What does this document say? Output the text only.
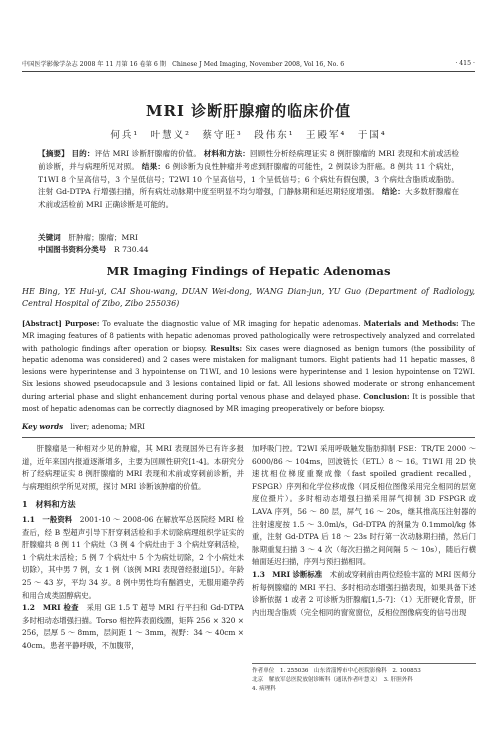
中国医学影像学杂志 2008 年 11 月第 16 卷第 6 期　Chinese J Med Imaging, November 2008, Vol 16, No. 6	· 415 ·
MRI 诊断肝腺瘤的临床价值
何兵¹　叶慧义²　蔡守旺³　段伟东¹　王殿军⁴　于国⁴
【摘要】 目的：评估 MRI 诊断肝腺瘤的价值。 材料和方法：回顾性分析经病理证实 8 例肝腺瘤的 MRI 表现和术前或活检前诊断，并与病理所见对照。 结果：6 例诊断为良性肿瘤并考虑到肝腺瘤的可能性，2 例误诊为肝癌。8 例共 11 个病灶，T1WI 8 个呈高信号，3 个呈低信号；T2WI 10 个呈高信号，1 个呈低信号；6 个病灶有假包膜，3 个病灶含脂质或脂肪。注射 Gd-DTPA 行增强扫描，所有病灶动脉期中度至明显不均匀增强，门静脉期和延迟期轻度增强。 结论：大多数肝腺瘤在术前或活检前 MRI 正确诊断是可能的。
关键词　 肝肿瘤；腺瘤；MRI
中国图书资料分类号　 R 730.44
MR Imaging Findings of Hepatic Adenomas
HE Bing, YE Hui-yi, CAI Shou-wang, DUAN Wei-dong, WANG Dian-jun, YU Guo (Department of Radiology, Central Hospital of Zibo, Zibo 255036)
[Abstract] Purpose: To evaluate the diagnostic value of MR imaging for hepatic adenomas. Materials and Methods: The MR imaging features of 8 patients with hepatic adenomas proved pathologically were retrospectively analyzed and correlated with pathologic findings after operation or biopsy. Results: Six cases were diagnosed as benign tumors (the possibility of hepatic adenoma was considered) and 2 cases were mistaken for malignant tumors. Eight patients had 11 hepatic masses, 8 lesions were hyperintense and 3 hypointense on T1WI, and 10 lesions were hyperintense and 1 lesion hypointense on T2WI. Six lesions showed pseudocapsule and 3 lesions contained lipid or fat. All lesions showed moderate or strong enhancement during arterial phase and slight enhancement during portal venous phase and delayed phase. Conclusion: It is possible that most of hepatic adenomas can be correctly diagnosed by MR imaging preoperatively or before biopsy.
Key words　 liver; adenoma; MRI

肝腺瘤是一种相对少见的肿瘤，其 MRI 表现国外已有许多报道，近年来国内报道逐渐增多，主要为回顾性研究[1-4]。本研究分析了经病理证实 8 例肝腺瘤的 MRI 表现和术前或穿刺前诊断，并与病理组织学所见对照，探讨 MRI 诊断该肿瘤的价值。

1　材料和方法

1.1　一般资料　 2001-10 ～ 2008-06 在解放军总医院经 MRI 检查后，经 B 型超声引导下肝穿刺活检和手术切除病理组织学证实的肝腺瘤共 8 例 11 个病灶（3 例 4 个病灶由于 3 个病灶穿刺活检，1 个病灶未活检；5 例 7 个病灶中 5 个为病灶切除，2 个小病灶未切除），其中男 7 例，女 1 例（该例 MRI 表现曾经报道[5]）。年龄 25 ～ 43 岁，平均 34 岁。8 例中男性均有酗酒史，无服用避孕药和用合成类固醇病史。

1.2　MRI 检查　 采用 GE 1.5 T 超导 MRI 行平扫和 Gd-DTPA 多时相动态增强扫描。Torso 相控阵表面线圈，矩阵 256 × 320 × 256，层厚 5 ～ 8mm，层间距 1 ～ 3mm，视野：34 ～ 40cm × 40cm。患者平静呼吸，不加腹带，

加呼吸门控。T2WI 采用呼吸触发脂肪抑制 FSE：TR/TE 2000 ～ 6000/86 ～ 104ms，回波链长（ETL）8 ～ 16。T1WI 用 2D 快速扰相位梯度重聚成像（fast spoiled gradient recalled，FSPGR）序列和化学位移成像（同反相位图像采用完全相同的层宽度位摄片）。多时相动态增强扫描采用屏气抑制 3D FSPGR 或 LAVA 序列，56 ～ 80 层，屏气 16 ～ 20s，继其推高压注射器的注射速度按 1.5 ～ 3.0ml/s，Gd-DTPA 的剂量为 0.1mmol/kg 体重，注射 Gd-DTPA 后 18 ～ 23s 时行第一次动脉期扫描，然后门脉期重复扫描 3 ～ 4 次（每次扫描之间间隔 5 ～ 10s），随后行横轴面延迟扫描，序列与预扫描相同。

1.3　MRI 诊断标准　 术前或穿刺前由两位经验丰富的 MRI 医师分析每例腺瘤的 MRI 平扫、多时相动态增强扫描表现，如果具备下述诊断依据 1 或者 2 可诊断为肝腺瘤[1,5-7]：（1）无肝硬化背景，肝内出现含脂质（完全相同的窗宽窗位，反相位图像病变的信号出现

作者单位　1. 255036　山东省淄博市中心医院影像科　2. 100853
北京　解放军总医院放射诊断科（通讯作者叶慧义）　3. 肝胆外科
4. 病理科
